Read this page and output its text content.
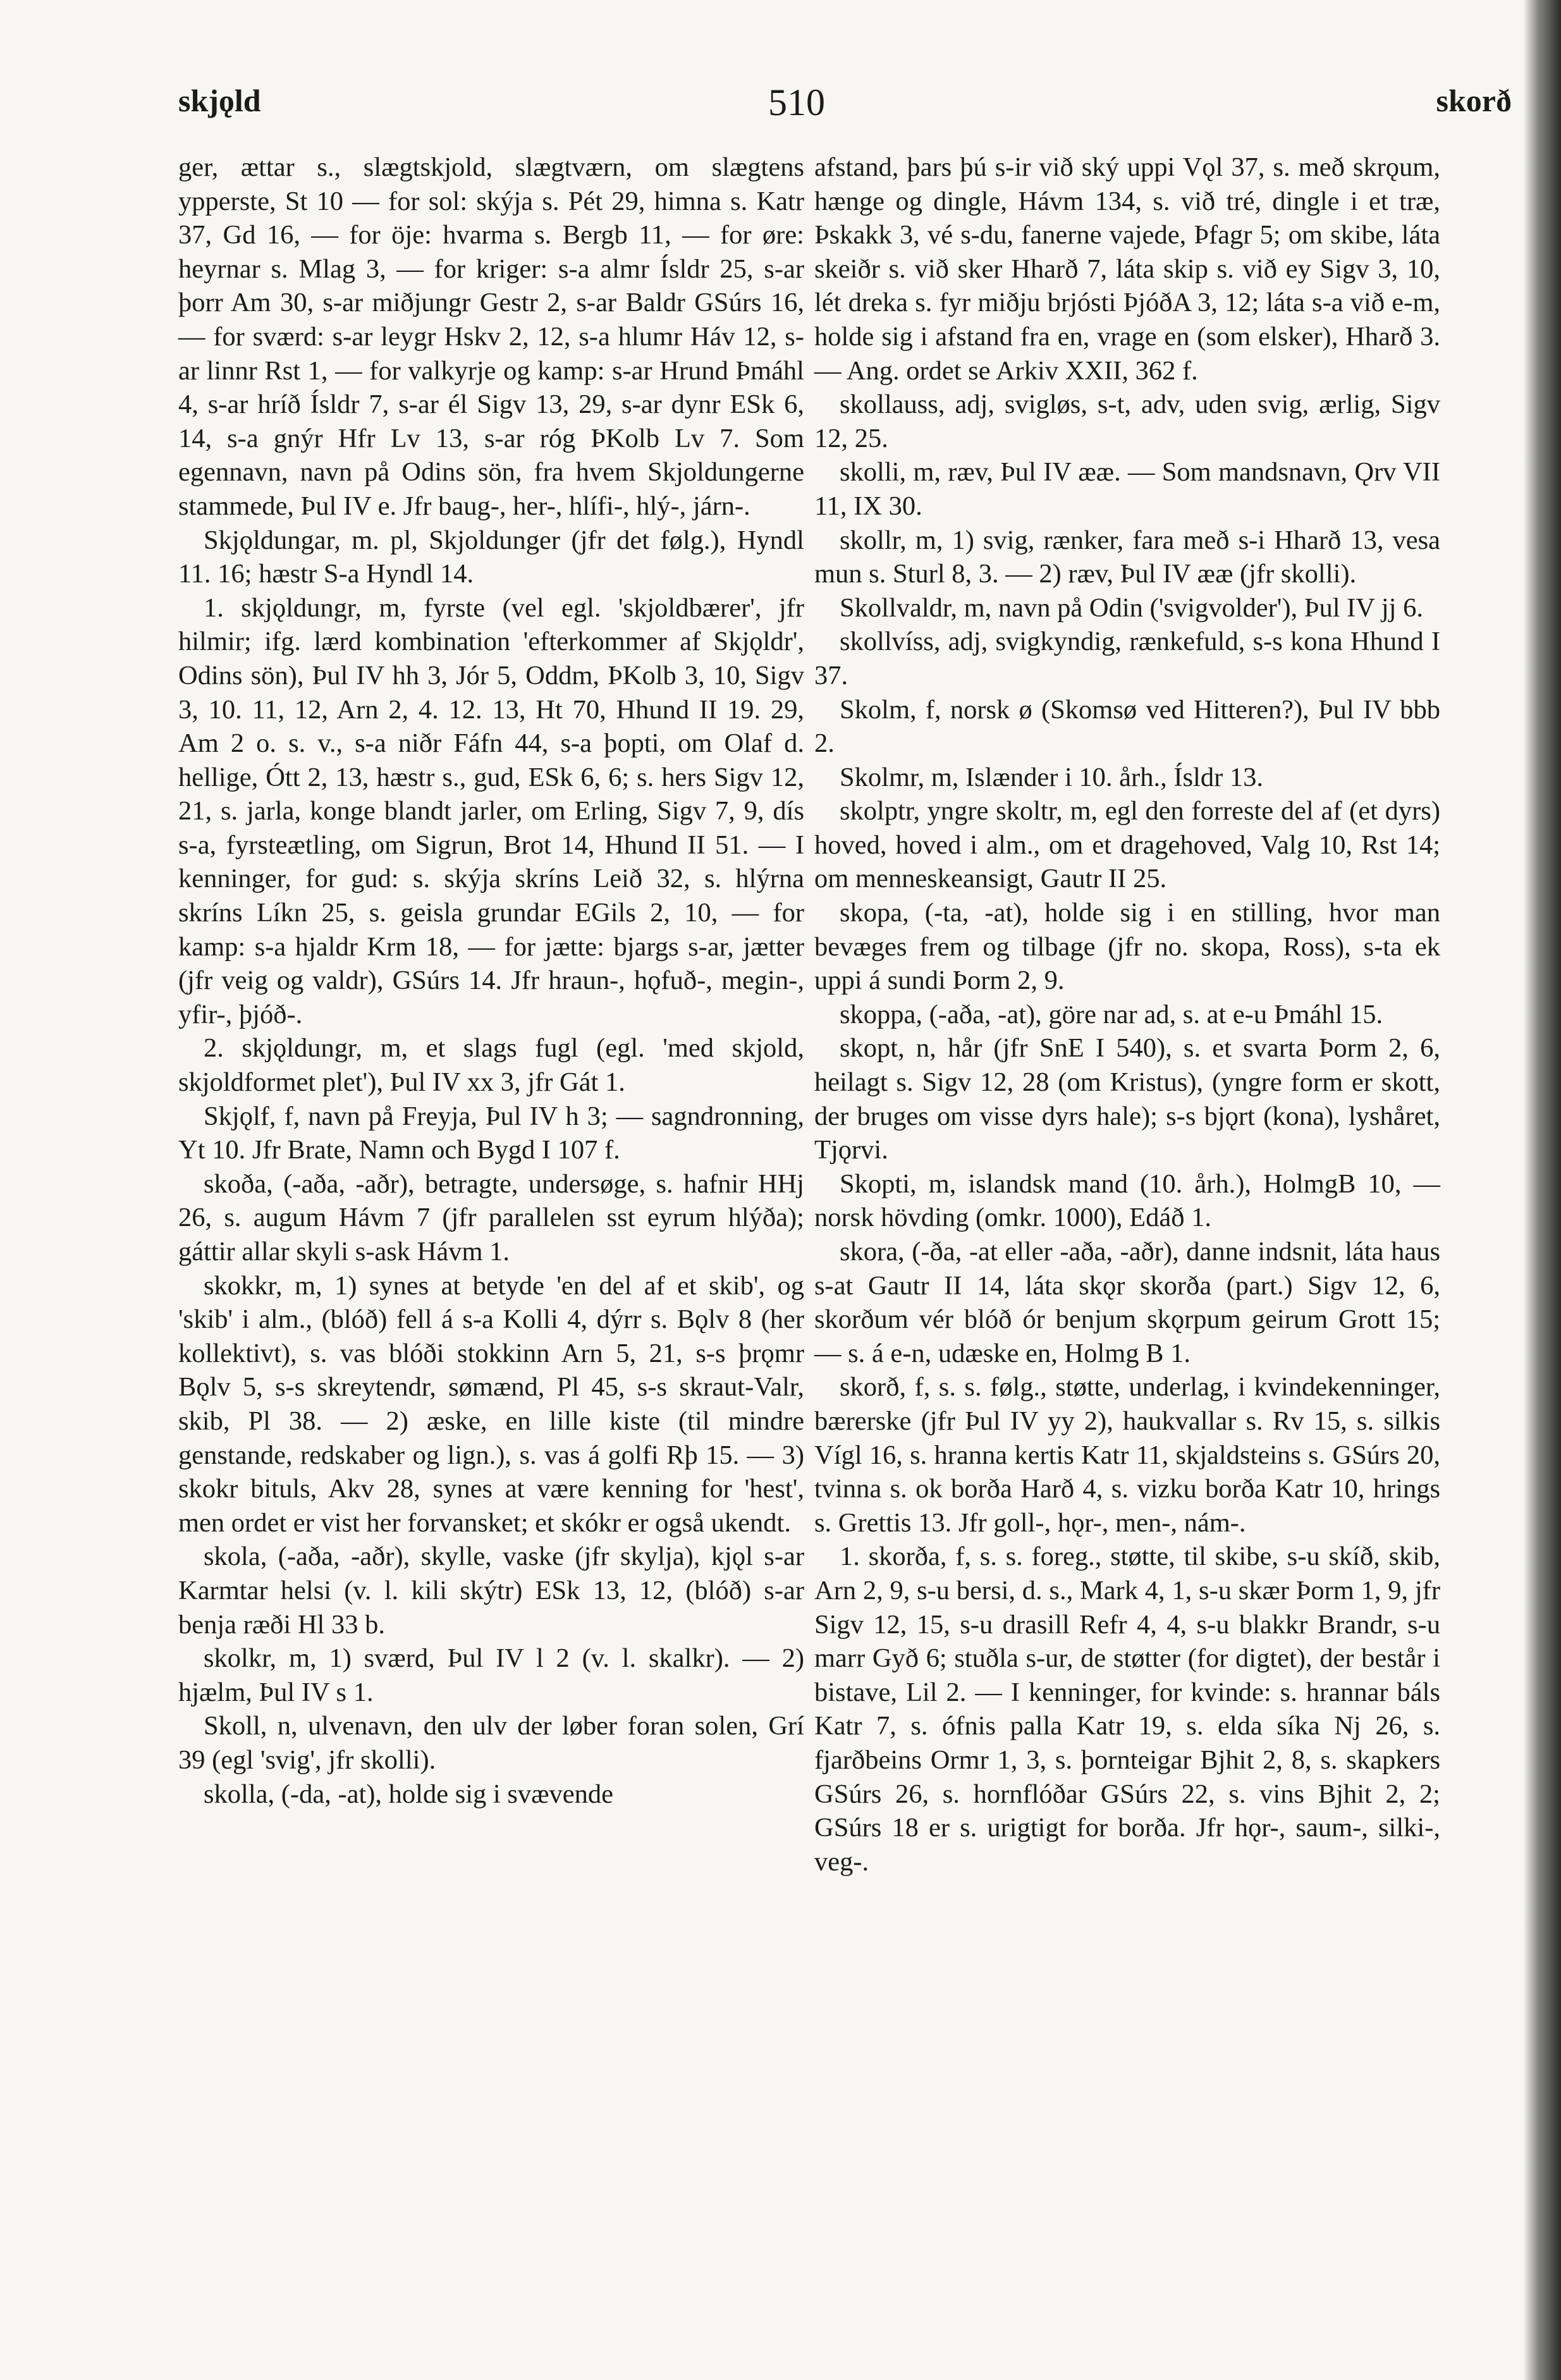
skjǫld	510	skorð

ger, ættar s., slægtskjold, slægtværn, om slægtens ypperste, St 10 — for sol: skýja s. Pét 29, himna s. Katr 37, Gd 16, — for öje: hvarma s. Bergb 11, — for øre: heyrnar s. Mlag 3, — for kriger: s-a almr Ísldr 25, s-ar þorr Am 30, s-ar miðjungr Gestr 2, s-ar Baldr GSúrs 16, — for sværd: s-ar leygr Hskv 2, 12, s-a hlumr Háv 12, s-ar linnr Rst 1, — for valkyrje og kamp: s-ar Hrund Þmáhl 4, s-ar hríð Ísldr 7, s-ar él Sigv 13, 29, s-ar dynr ESk 6, 14, s-a gnýr Hfr Lv 13, s-ar róg ÞKolb Lv 7. Som egennavn, navn på Odins sön, fra hvem Skjoldungerne stammede, Þul IV e. Jfr baug-, her-, hlífi-, hlý-, járn-.

Skjǫldungar, m. pl, Skjoldunger (jfr det følg.), Hyndl 11. 16; hæstr S-a Hyndl 14.

1. skjǫldungr, m, fyrste (vel egl. 'skjoldbærer', jfr hilmir; ifg. lærd kombination 'efterkommer af Skjǫldr', Odins sön), Þul IV hh 3, Jór 5, Oddm, ÞKolb 3, 10, Sigv 3, 10. 11, 12, Arn 2, 4. 12. 13, Ht 70, Hhund II 19. 29, Am 2 o. s. v., s-a niðr Fáfn 44, s-a þopti, om Olaf d. hellige, Ótt 2, 13, hæstr s., gud, ESk 6, 6; s. hers Sigv 12, 21, s. jarla, konge blandt jarler, om Erling, Sigv 7, 9, dís s-a, fyrsteætling, om Sigrun, Brot 14, Hhund II 51. — I kenninger, for gud: s. skýja skríns Leið 32, s. hlýrna skríns Líkn 25, s. geisla grundar EGils 2, 10, — for kamp: s-a hjaldr Krm 18, — for jætte: bjargs s-ar, jætter (jfr veig og valdr), GSúrs 14. Jfr hraun-, hǫfuð-, megin-, yfir-, þjóð-.

2. skjǫldungr, m, et slags fugl (egl. 'med skjold, skjoldformet plet'), Þul IV xx 3, jfr Gát 1.

Skjǫlf, f, navn på Freyja, Þul IV h 3; — sagndronning, Yt 10. Jfr Brate, Namn och Bygd I 107 f.

skoða, (-aða, -aðr), betragte, undersøge, s. hafnir HHj 26, s. augum Hávm 7 (jfr parallelen sst eyrum hlýða); gáttir allar skyli s-ask Hávm 1.

skokkr, m, 1) synes at betyde 'en del af et skib', og 'skib' i alm., (blóð) fell á s-a Kolli 4, dýrr s. Bǫlv 8 (her kollektivt), s. vas blóði stokkinn Arn 5, 21, s-s þrǫmr Bǫlv 5, s-s skreytendr, sømænd, Pl 45, s-s skraut-Valr, skib, Pl 38. — 2) æske, en lille kiste (til mindre genstande, redskaber og lign.), s. vas á golfi Rþ 15. — 3) skokr bituls, Akv 28, synes at være kenning for 'hest', men ordet er vist her forvansket; et skókr er også ukendt.

skola, (-aða, -aðr), skylle, vaske (jfr skylja), kjǫl s-ar Karmtar helsi (v. l. kili skýtr) ESk 13, 12, (blóð) s-ar benja ræði Hl 33 b.

skolkr, m, 1) sværd, Þul IV l 2 (v. l. skalkr). — 2) hjælm, Þul IV s 1.

Skoll, n, ulvenavn, den ulv der løber foran solen, Grí 39 (egl 'svig', jfr skolli).

skolla, (-da, -at), holde sig i svævende

afstand, þars þú s-ir við ský uppi Vǫl 37, s. með skrǫum, hænge og dingle, Hávm 134, s. við tré, dingle i et træ, Þskakk 3, vé s-du, fanerne vajede, Þfagr 5; om skibe, láta skeiðr s. við sker Hharð 7, láta skip s. við ey Sigv 3, 10, lét dreka s. fyr miðju brjósti ÞjóðA 3, 12; láta s-a við e-m, holde sig i afstand fra en, vrage en (som elsker), Hharð 3. — Ang. ordet se Arkiv XXII, 362 f.

skollauss, adj, svigløs, s-t, adv, uden svig, ærlig, Sigv 12, 25.

skolli, m, ræv, Þul IV ææ. — Som mandsnavn, Ǫrv VII 11, IX 30.

skollr, m, 1) svig, rænker, fara með s-i Hharð 13, vesa mun s. Sturl 8, 3. — 2) ræv, Þul IV ææ (jfr skolli).

Skollvaldr, m, navn på Odin ('svigvolder'), Þul IV jj 6.

skollvíss, adj, svigkyndig, rænkefuld, s-s kona Hhund I 37.

Skolm, f, norsk ø (Skomsø ved Hitteren?), Þul IV bbb 2.

Skolmr, m, Islænder i 10. årh., Ísldr 13.

skolptr, yngre skoltr, m, egl den forreste del af (et dyrs) hoved, hoved i alm., om et dragehoved, Valg 10, Rst 14; om menneskeansigt, Gautr II 25.

skopa, (-ta, -at), holde sig i en stilling, hvor man bevæges frem og tilbage (jfr no. skopa, Ross), s-ta ek uppi á sundi Þorm 2, 9.

skoppa, (-aða, -at), göre nar ad, s. at e-u Þmáhl 15.

skopt, n, hår (jfr SnE I 540), s. et svarta Þorm 2, 6, heilagt s. Sigv 12, 28 (om Kristus), (yngre form er skott, der bruges om visse dyrs hale); s-s bjǫrt (kona), lyshåret, Tjǫrvi.

Skopti, m, islandsk mand (10. årh.), HolmgB 10, — norsk hövding (omkr. 1000), Edáð 1.

skora, (-ða, -at eller -aða, -aðr), danne indsnit, láta haus s-at Gautr II 14, láta skǫr skorða (part.) Sigv 12, 6, skorðum vér blóð ór benjum skǫrpum geirum Grott 15; — s. á e-n, udæske en, Holmg B 1.

skorð, f, s. s. følg., støtte, underlag, i kvindekenninger, bærerske (jfr Þul IV yy 2), haukvallar s. Rv 15, s. silkis Vígl 16, s. hranna kertis Katr 11, skjaldsteins s. GSúrs 20, tvinna s. ok borða Harð 4, s. vizku borða Katr 10, hrings s. Grettis 13. Jfr goll-, hǫr-, men-, nám-.

1. skorða, f, s. s. foreg., støtte, til skibe, s-u skíð, skib, Arn 2, 9, s-u bersi, d. s., Mark 4, 1, s-u skær Þorm 1, 9, jfr Sigv 12, 15, s-u drasill Refr 4, 4, s-u blakkr Brandr, s-u marr Gyð 6; stuðla s-ur, de støtter (for digtet), der består i bistave, Lil 2. — I kenninger, for kvinde: s. hrannar báls Katr 7, s. ófnis palla Katr 19, s. elda síka Nj 26, s. fjarðbeins Ormr 1, 3, s. þornteigar Bjhit 2, 8, s. skapkers GSúrs 26, s. hornflóðar GSúrs 22, s. vins Bjhit 2, 2; GSúrs 18 er s. urigtigt for borða. Jfr hǫr-, saum-, silki-, veg-.
